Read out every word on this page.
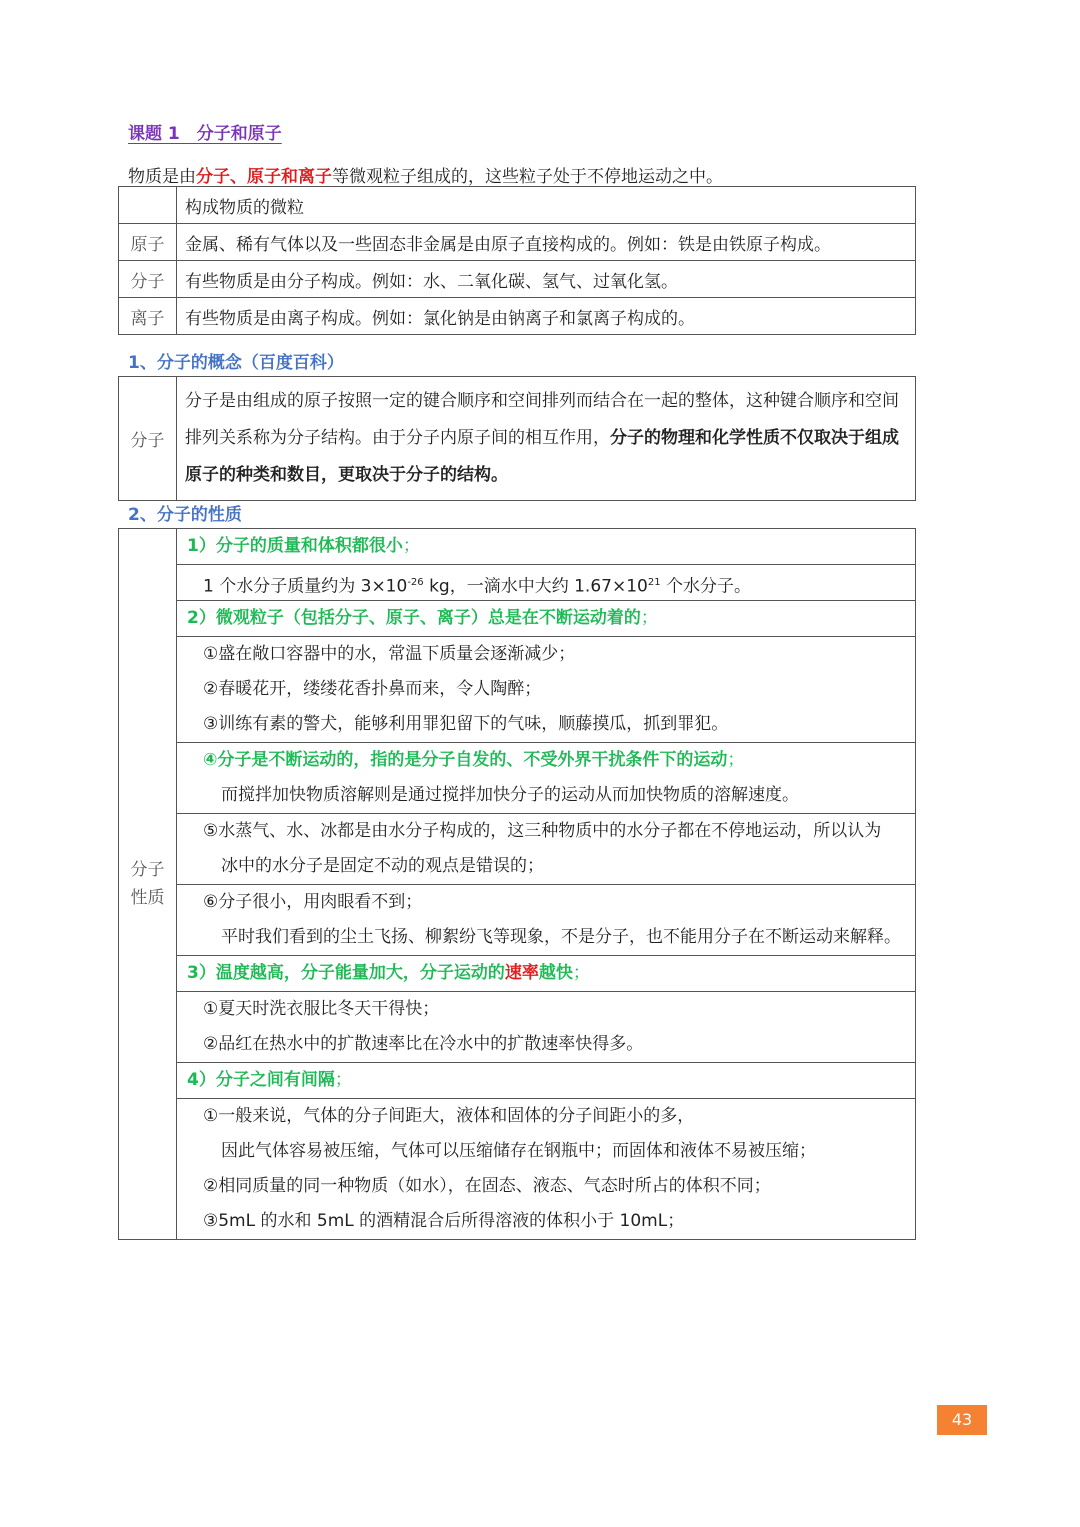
课题 1　分子和原子
物质是由分子、原子和离子等微观粒子组成的，这些粒子处于不停地运动之中。
	构成物质的微粒
原子	金属、稀有气体以及一些固态非金属是由原子直接构成的。例如：铁是由铁原子构成。
分子	有些物质是由分子构成。例如：水、二氧化碳、氢气、过氧化氢。
离子	有些物质是由离子构成。例如：氯化钠是由钠离子和氯离子构成的。
1、分子的概念（百度百科）
分子	
分子是由组成的原子按照一定的键合顺序和空间排列而结合在一起的整体，这种键合顺序和空间
排列关系称为分子结构。由于分子内原子间的相互作用，分子的物理和化学性质不仅取决于组成
原子的种类和数目，更取决于分子的结构。
2、分子的性质
分子
性质

1）分子的质量和体积都很小；

1 个水分子质量约为 $3\times 10^{-26}$ kg，一滴水中大约 $1.67\times 10^{21}$ 个水分子。

2）微观粒子（包括分子、原子、离子）总是在不断运动着的；

①盛在敞口容器中的水，常温下质量会逐渐减少；
②春暖花开，缕缕花香扑鼻而来，令人陶醉；
③训练有素的警犬，能够利用罪犯留下的气味，顺藤摸瓜，抓到罪犯。

④分子是不断运动的，指的是分子自发的、不受外界干扰条件下的运动；
而搅拌加快物质溶解则是通过搅拌加快分子的运动从而加快物质的溶解速度。

⑤水蒸气、水、冰都是由水分子构成的，这三种物质中的水分子都在不停地运动，所以认为
冰中的水分子是固定不动的观点是错误的；

⑥分子很小，用肉眼看不到；
平时我们看到的尘土飞扬、柳絮纷飞等现象，不是分子，也不能用分子在不断运动来解释。

3）温度越高，分子能量加大，分子运动的速率越快；

①夏天时洗衣服比冬天干得快；
②品红在热水中的扩散速率比在冷水中的扩散速率快得多。

4）分子之间有间隔；

①一般来说，气体的分子间距大，液体和固体的分子间距小的多，
因此气体容易被压缩，气体可以压缩储存在钢瓶中；而固体和液体不易被压缩；
②相同质量的同一种物质（如水），在固态、液态、气态时所占的体积不同；
③5mL 的水和 5mL 的酒精混合后所得溶液的体积小于 10mL；
43
